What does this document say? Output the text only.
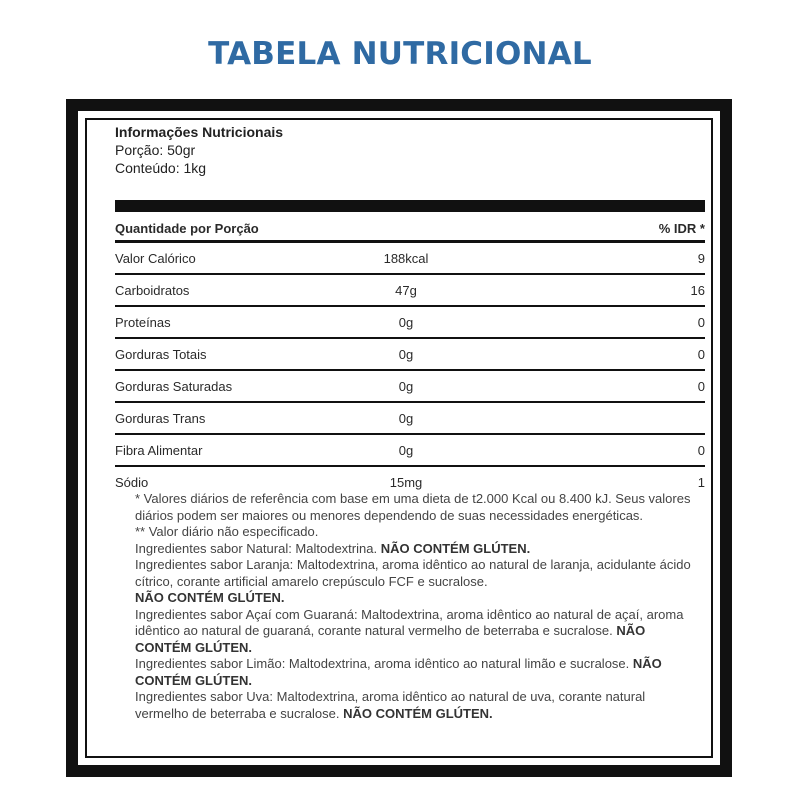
TABELA NUTRICIONAL
Informações Nutricionais
Porção: 50gr
Conteúdo: 1kg
Quantidade por Porção	% IDR *
Valor Calórico	188kcal	9
Carboidratos	47g	16
Proteínas	0g	0
Gorduras Totais	0g	0
Gorduras Saturadas	0g	0
Gorduras Trans	0g
Fibra Alimentar	0g	0
Sódio	15mg	1

* Valores diários de referência com base em uma dieta de t2.000 Kcal ou 8.400 kJ. Seus valores diários podem ser maiores ou menores dependendo de suas necessidades energéticas.

** Valor diário não especificado.

Ingredientes sabor Natural: Maltodextrina. NÃO CONTÉM GLÚTEN.

Ingredientes sabor Laranja: Maltodextrina, aroma idêntico ao natural de laranja, acidulante ácido cítrico, corante artificial amarelo crepúsculo FCF e sucralose.
NÃO CONTÉM GLÚTEN.

Ingredientes sabor Açaí com Guaraná: Maltodextrina, aroma idêntico ao natural de açaí, aroma idêntico ao natural de guaraná, corante natural vermelho de beterraba e sucralose. NÃO CONTÉM GLÚTEN.

Ingredientes sabor Limão: Maltodextrina, aroma idêntico ao natural limão e sucralose. NÃO CONTÉM GLÚTEN.

Ingredientes sabor Uva: Maltodextrina, aroma idêntico ao natural de uva, corante natural vermelho de beterraba e sucralose. NÃO CONTÉM GLÚTEN.
